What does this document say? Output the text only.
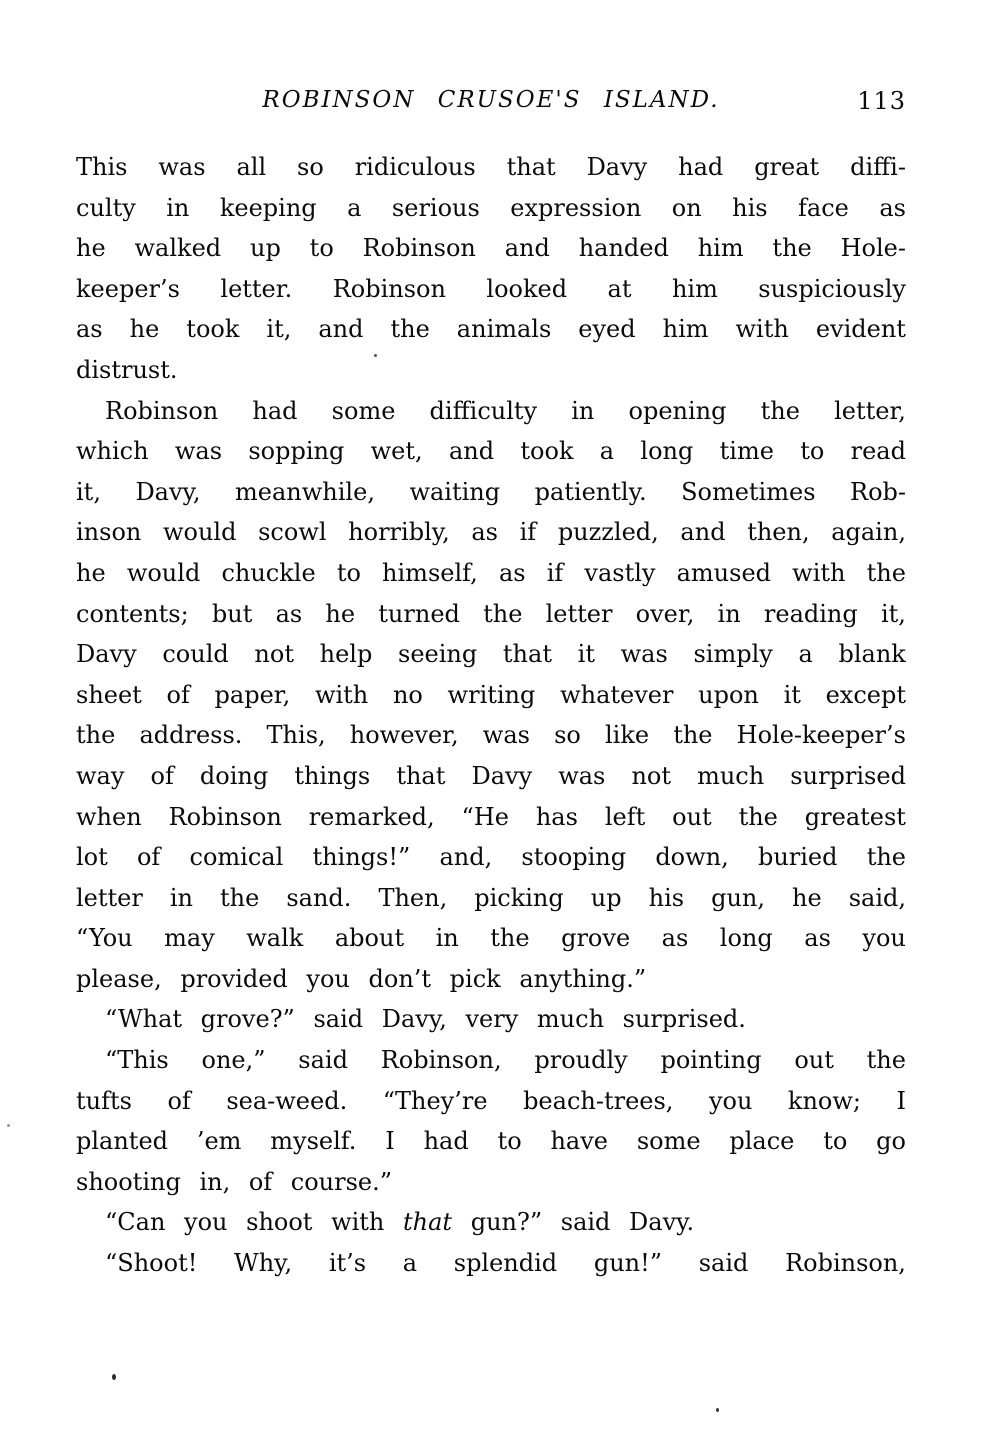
ROBINSON CRUSOE'S ISLAND.	113
This was all so ridiculous that Davy had great diffi-
culty in keeping a serious expression on his face as
he walked up to Robinson and handed him the Hole-
keeper’s letter. Robinson looked at him suspiciously
as he took it, and the animals eyed him with evident
distrust.
Robinson had some difficulty in opening the letter,
which was sopping wet, and took a long time to read
it, Davy, meanwhile, waiting patiently. Sometimes Rob-
inson would scowl horribly, as if puzzled, and then, again,
he would chuckle to himself, as if vastly amused with the
contents; but as he turned the letter over, in reading it,
Davy could not help seeing that it was simply a blank
sheet of paper, with no writing whatever upon it except
the address. This, however, was so like the Hole-keeper’s
way of doing things that Davy was not much surprised
when Robinson remarked, “He has left out the greatest
lot of comical things!” and, stooping down, buried the
letter in the sand. Then, picking up his gun, he said,
“You may walk about in the grove as long as you
please, provided you don’t pick anything.”
“What grove?” said Davy, very much surprised.
“This one,” said Robinson, proudly pointing out the
tufts of sea-weed. “They’re beach-trees, you know; I
planted ’em myself. I had to have some place to go
shooting in, of course.”
“Can you shoot with that gun?” said Davy.
“Shoot! Why, it’s a splendid gun!” said Robinson,
